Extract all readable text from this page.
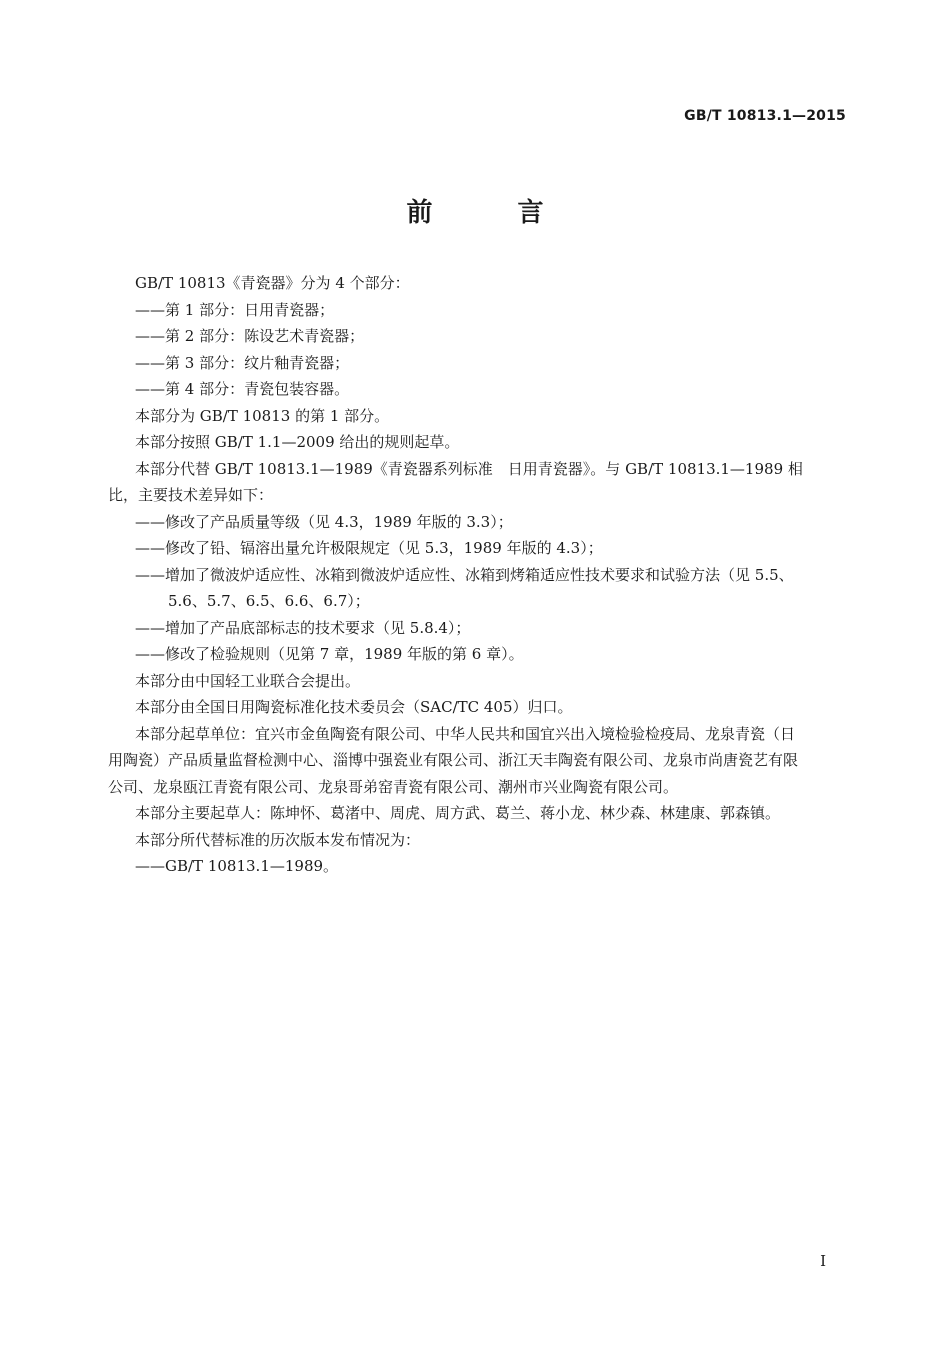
GB/T 10813.1—2015
前 言

GB/T 10813《青瓷器》分为 4 个部分：

——第 1 部分：日用青瓷器；

——第 2 部分：陈设艺术青瓷器；

——第 3 部分：纹片釉青瓷器；

——第 4 部分：青瓷包装容器。

本部分为 GB/T 10813 的第 1 部分。

本部分按照 GB/T 1.1—2009 给出的规则起草。

本部分代替 GB/T 10813.1—1989《青瓷器系列标准　日用青瓷器》。与 GB/T 10813.1—1989 相

比，主要技术差异如下：

——修改了产品质量等级（见 4.3，1989 年版的 3.3）；

——修改了铅、镉溶出量允许极限规定（见 5.3，1989 年版的 4.3）；

——增加了微波炉适应性、冰箱到微波炉适应性、冰箱到烤箱适应性技术要求和试验方法（见 5.5、

5.6、5.7、6.5、6.6、6.7）；

——增加了产品底部标志的技术要求（见 5.8.4）；

——修改了检验规则（见第 7 章，1989 年版的第 6 章）。

本部分由中国轻工业联合会提出。

本部分由全国日用陶瓷标准化技术委员会（SAC/TC 405）归口。

本部分起草单位：宜兴市金鱼陶瓷有限公司、中华人民共和国宜兴出入境检验检疫局、龙泉青瓷（日

用陶瓷）产品质量监督检测中心、淄博中强瓷业有限公司、浙江天丰陶瓷有限公司、龙泉市尚唐瓷艺有限

公司、龙泉瓯江青瓷有限公司、龙泉哥弟窑青瓷有限公司、潮州市兴业陶瓷有限公司。

本部分主要起草人：陈坤怀、葛渚中、周虎、周方武、葛兰、蒋小龙、林少森、林建康、郭森镇。

本部分所代替标准的历次版本发布情况为：

——GB/T 10813.1—1989。

I
